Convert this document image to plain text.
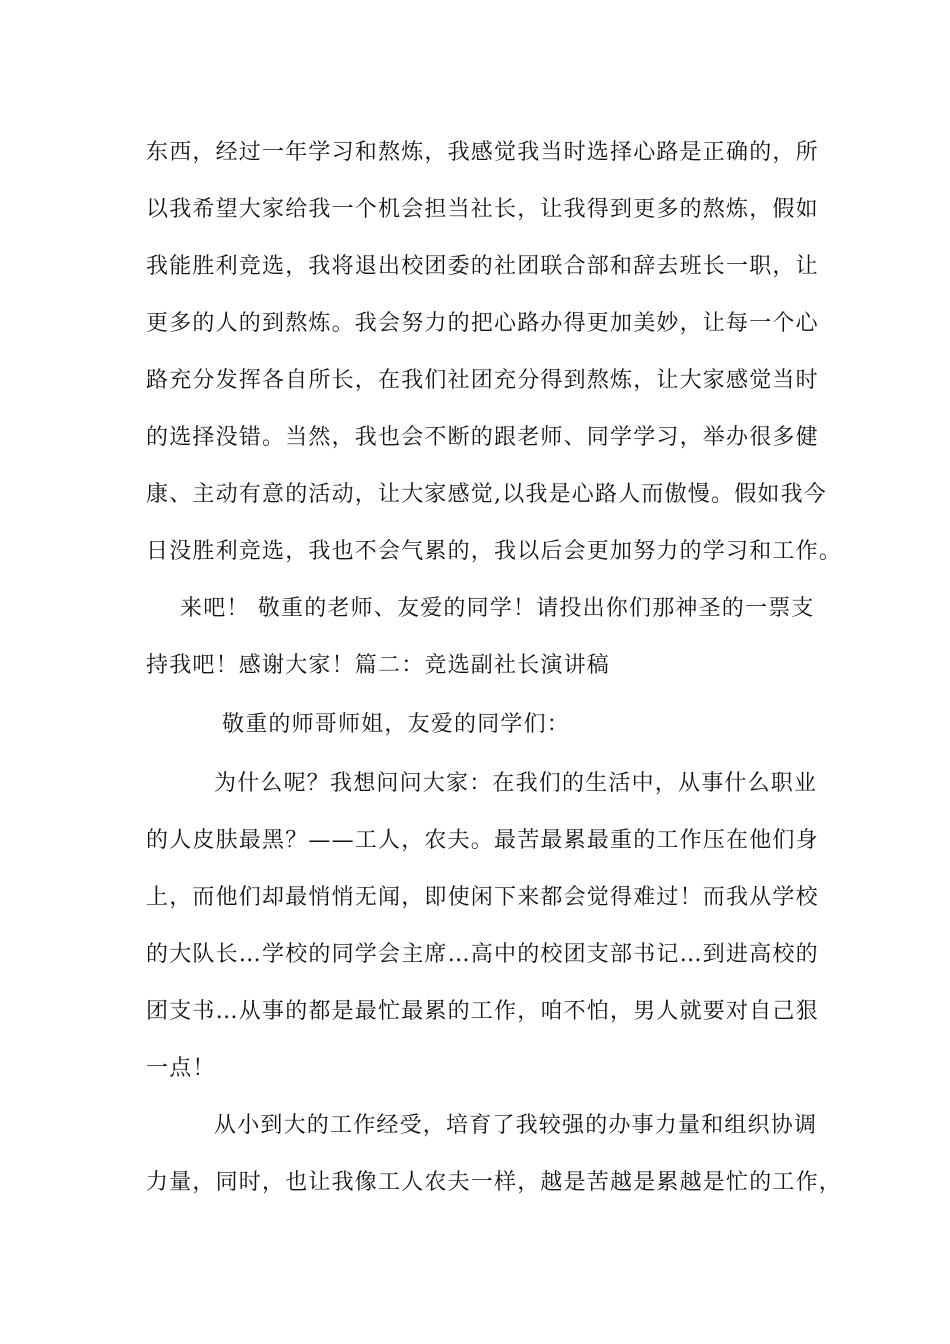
东西，经过一年学习和熬炼，我感觉我当时选择心路是正确的，所
以我希望大家给我一个机会担当社长，让我得到更多的熬炼，假如
我能胜利竞选，我将退出校团委的社团联合部和辞去班长一职，让
更多的人的到熬炼。我会努力的把心路办得更加美妙，让每一个心
路充分发挥各自所长，在我们社团充分得到熬炼，让大家感觉当时
的选择没错。当然，我也会不断的跟老师、同学学习，举办很多健
康、主动有意的活动，让大家感觉,以我是心路人而傲慢。假如我今
日没胜利竞选，我也不会气累的，我以后会更加努力的学习和工作。
来吧！ 敬重的老师、友爱的同学！请投出你们那神圣的一票支
持我吧！感谢大家！篇二：竞选副社长演讲稿
敬重的师哥师姐，友爱的同学们：
为什么呢？我想问问大家：在我们的生活中，从事什么职业
的人皮肤最黑？——工人，农夫。最苦最累最重的工作压在他们身
上，而他们却最悄悄无闻，即使闲下来都会觉得难过！而我从学校
的大队长…学校的同学会主席…高中的校团支部书记…到进高校的
团支书…从事的都是最忙最累的工作，咱不怕，男人就要对自己狠
一点！
从小到大的工作经受，培育了我较强的办事力量和组织协调
力量，同时，也让我像工人农夫一样，越是苦越是累越是忙的工作，
